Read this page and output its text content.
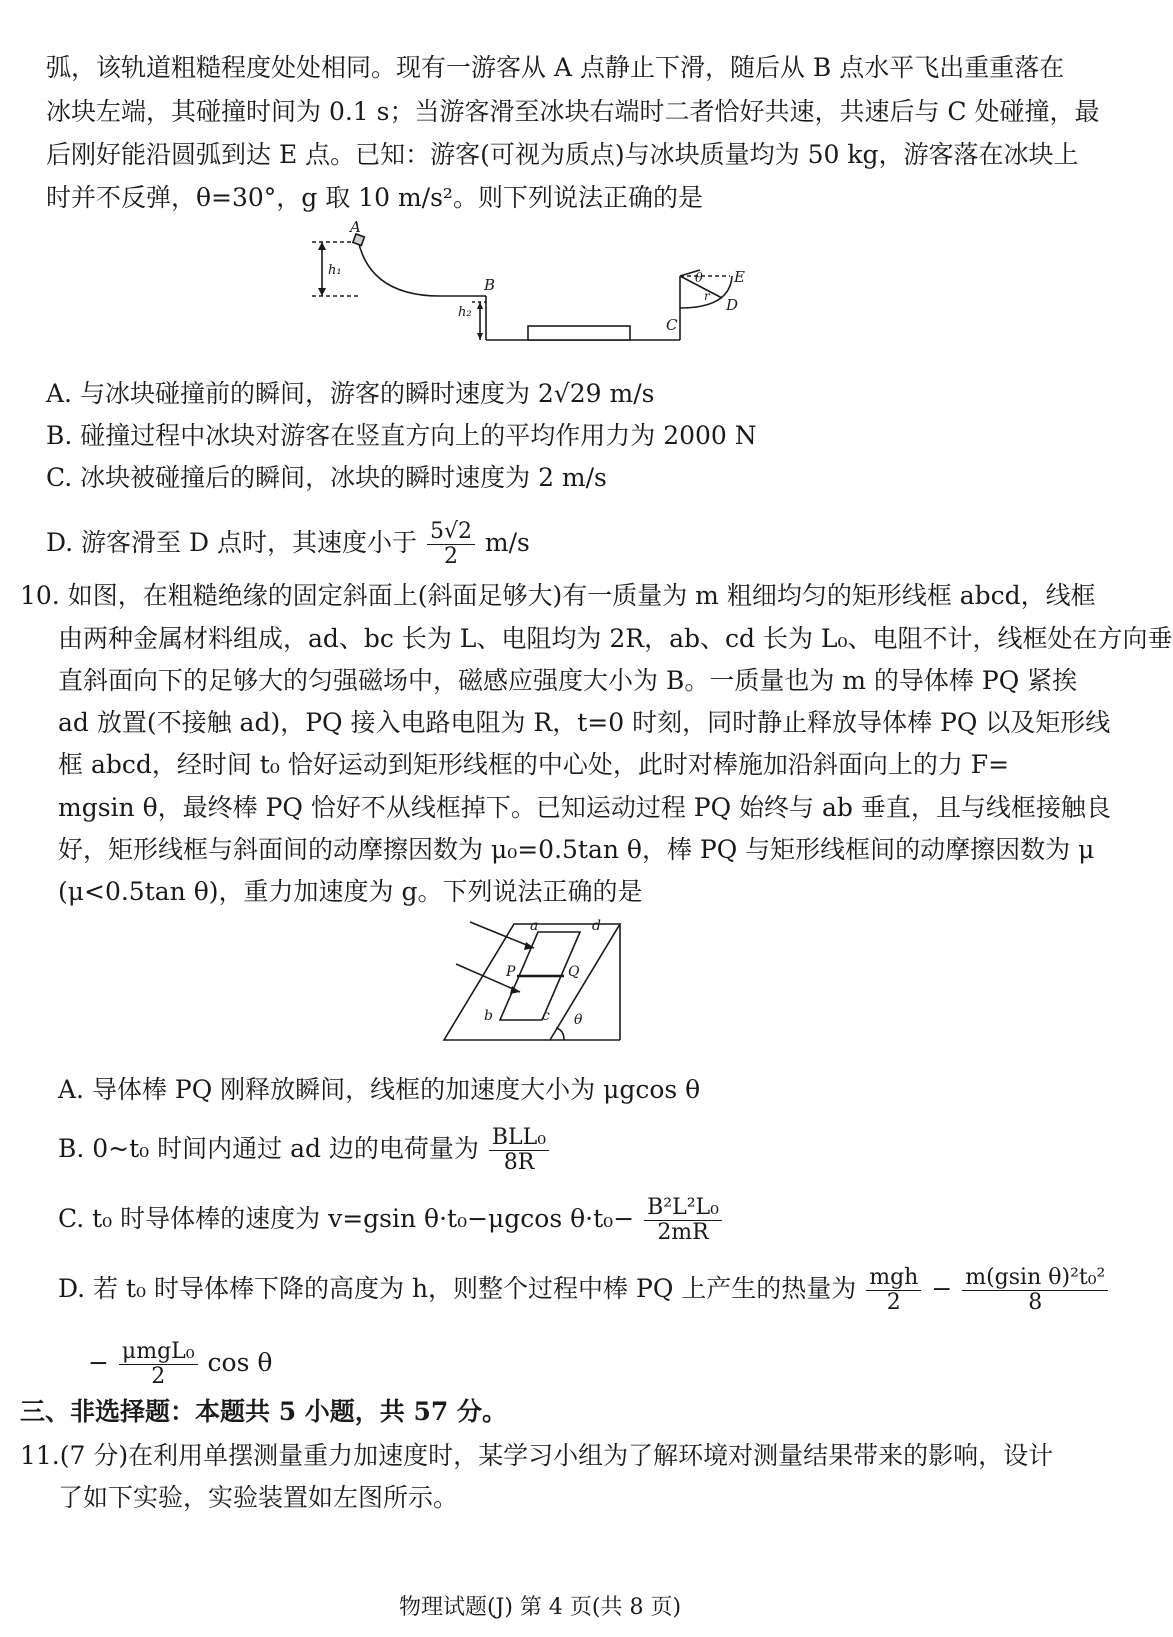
弧，该轨道粗糙程度处处相同。现有一游客从 A 点静止下滑，随后从 B 点水平飞出重重落在
冰块左端，其碰撞时间为 0.1 s；当游客滑至冰块右端时二者恰好共速，共速后与 C 处碰撞，最
后刚好能沿圆弧到达 E 点。已知：游客(可视为质点)与冰块质量均为 50 kg，游客落在冰块上
时并不反弹，θ=30°，g 取 10 m/s²。则下列说法正确的是
A
h₁
B
h₂
C
θ E
r D
A. 与冰块碰撞前的瞬间，游客的瞬时速度为 2√29 m/s
B. 碰撞过程中冰块对游客在竖直方向上的平均作用力为 2000 N
C. 冰块被碰撞后的瞬间，冰块的瞬时速度为 2 m/s
D. 游客滑至 D 点时，其速度小于 $\frac{5√2}{2} m/s$
10. 如图，在粗糙绝缘的固定斜面上(斜面足够大)有一质量为 m 粗细均匀的矩形线框 abcd，线框
由两种金属材料组成，ad、bc 长为 L、电阻均为 2R，ab、cd 长为 L₀、电阻不计，线框处在方向垂
直斜面向下的足够大的匀强磁场中，磁感应强度大小为 B。一质量也为 m 的导体棒 PQ 紧挨
ad 放置(不接触 ad)，PQ 接入电路电阻为 R，t=0 时刻，同时静止释放导体棒 PQ 以及矩形线
框 abcd，经时间 t₀ 恰好运动到矩形线框的中心处，此时对棒施加沿斜面向上的力 F=
mgsin θ，最终棒 PQ 恰好不从线框掉下。已知运动过程 PQ 始终与 ab 垂直，且与线框接触良
好，矩形线框与斜面间的动摩擦因数为 μ₀=0.5tan θ，棒 PQ 与矩形线框间的动摩擦因数为 μ
(μ<0.5tan θ)，重力加速度为 g。下列说法正确的是
a	d
P	Q
b	c θ
A. 导体棒 PQ 刚释放瞬间，线框的加速度大小为 μgcos θ
B. 0~t₀ 时间内通过 ad 边的电荷量为 $\frac{\text{BLL₀}}{8R}$
C. t₀ 时导体棒的速度为 v=gsin θ·t₀−μgcos $\theta\cdot t_0- \frac{\text{B²L²L₀}}{2mR}$
D. 若 t₀ 时导体棒下降的高度为 h，则整个过程中棒 PQ 上产生的热量为 $\frac{\text{mgh}}{2} - \frac{\text{m(gsin θ)²t₀²}}{8}$
− $\frac{\text{μmgL₀}}{2}$ cos θ
三、非选择题：本题共 5 小题，共 57 分。
11.(7 分)在利用单摆测量重力加速度时，某学习小组为了解环境对测量结果带来的影响，设计
了如下实验，实验装置如左图所示。
物理试题(J) 第 4 页(共 8 页)
